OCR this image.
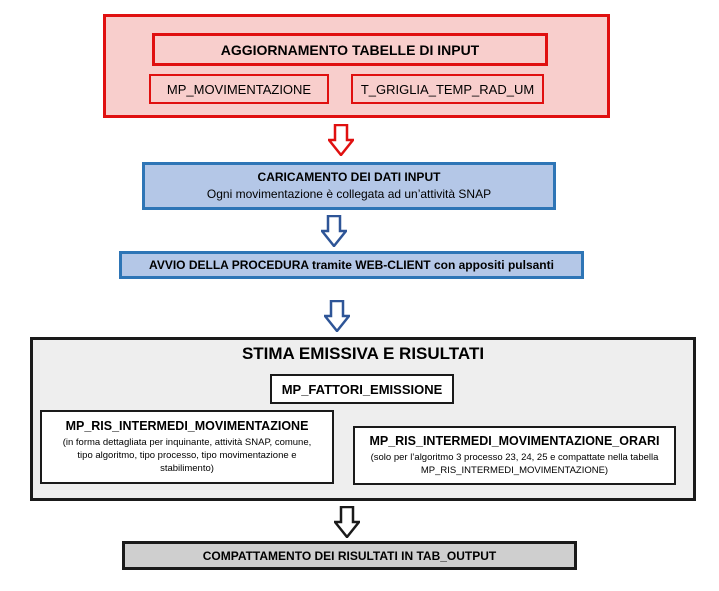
AGGIORNAMENTO TABELLE DI INPUT
MP_MOVIMENTAZIONE	T_GRIGLIA_TEMP_RAD_UM
CARICAMENTO DEI DATI INPUT
Ogni movimentazione è collegata ad un’attività SNAP
AVVIO DELLA PROCEDURA tramite WEB-CLIENT con appositi pulsanti
STIMA EMISSIVA E RISULTATI
MP_FATTORI_EMISSIONE
MP_RIS_INTERMEDI_MOVIMENTAZIONE
(in forma dettagliata per inquinante, attività SNAP, comune, tipo algoritmo, tipo processo, tipo movimentazione e stabilimento)
MP_RIS_INTERMEDI_MOVIMENTAZIONE_ORARI
(solo per l’algoritmo 3 processo 23, 24, 25 e compattate nella tabella MP_RIS_INTERMEDI_MOVIMENTAZIONE)
COMPATTAMENTO DEI RISULTATI IN TAB_OUTPUT
